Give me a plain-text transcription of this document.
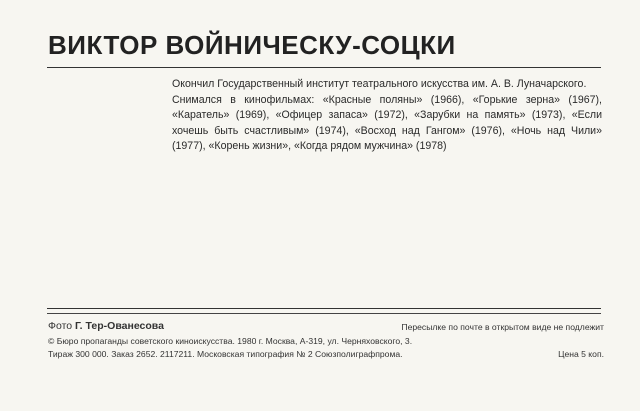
ВИКТОР ВОЙНИЧЕСКУ-СОЦКИ

Окончил Государственный институт театрального искусства им. А. В. Луначарского.

Снимался в кинофильмах: «Красные поляны» (1966), «Горькие зерна» (1967), «Каратель» (1969), «Офицер запаса» (1972), «Зарубки на память» (1973), «Если хочешь быть счастливым» (1974), «Восход над Гангом» (1976), «Ночь над Чили» (1977), «Корень жизни», «Когда рядом мужчина» (1978)

Фото Г. Тер-Ованесова	Пересылке по почте в открытом виде не подлежит
© Бюро пропаганды советского киноискусства. 1980 г. Москва, А-319, ул. Черняховского, 3.
Тираж 300 000. Заказ 2652. 2117211. Московская типография № 2 Союзполиграфпрома.	Цена 5 коп.
